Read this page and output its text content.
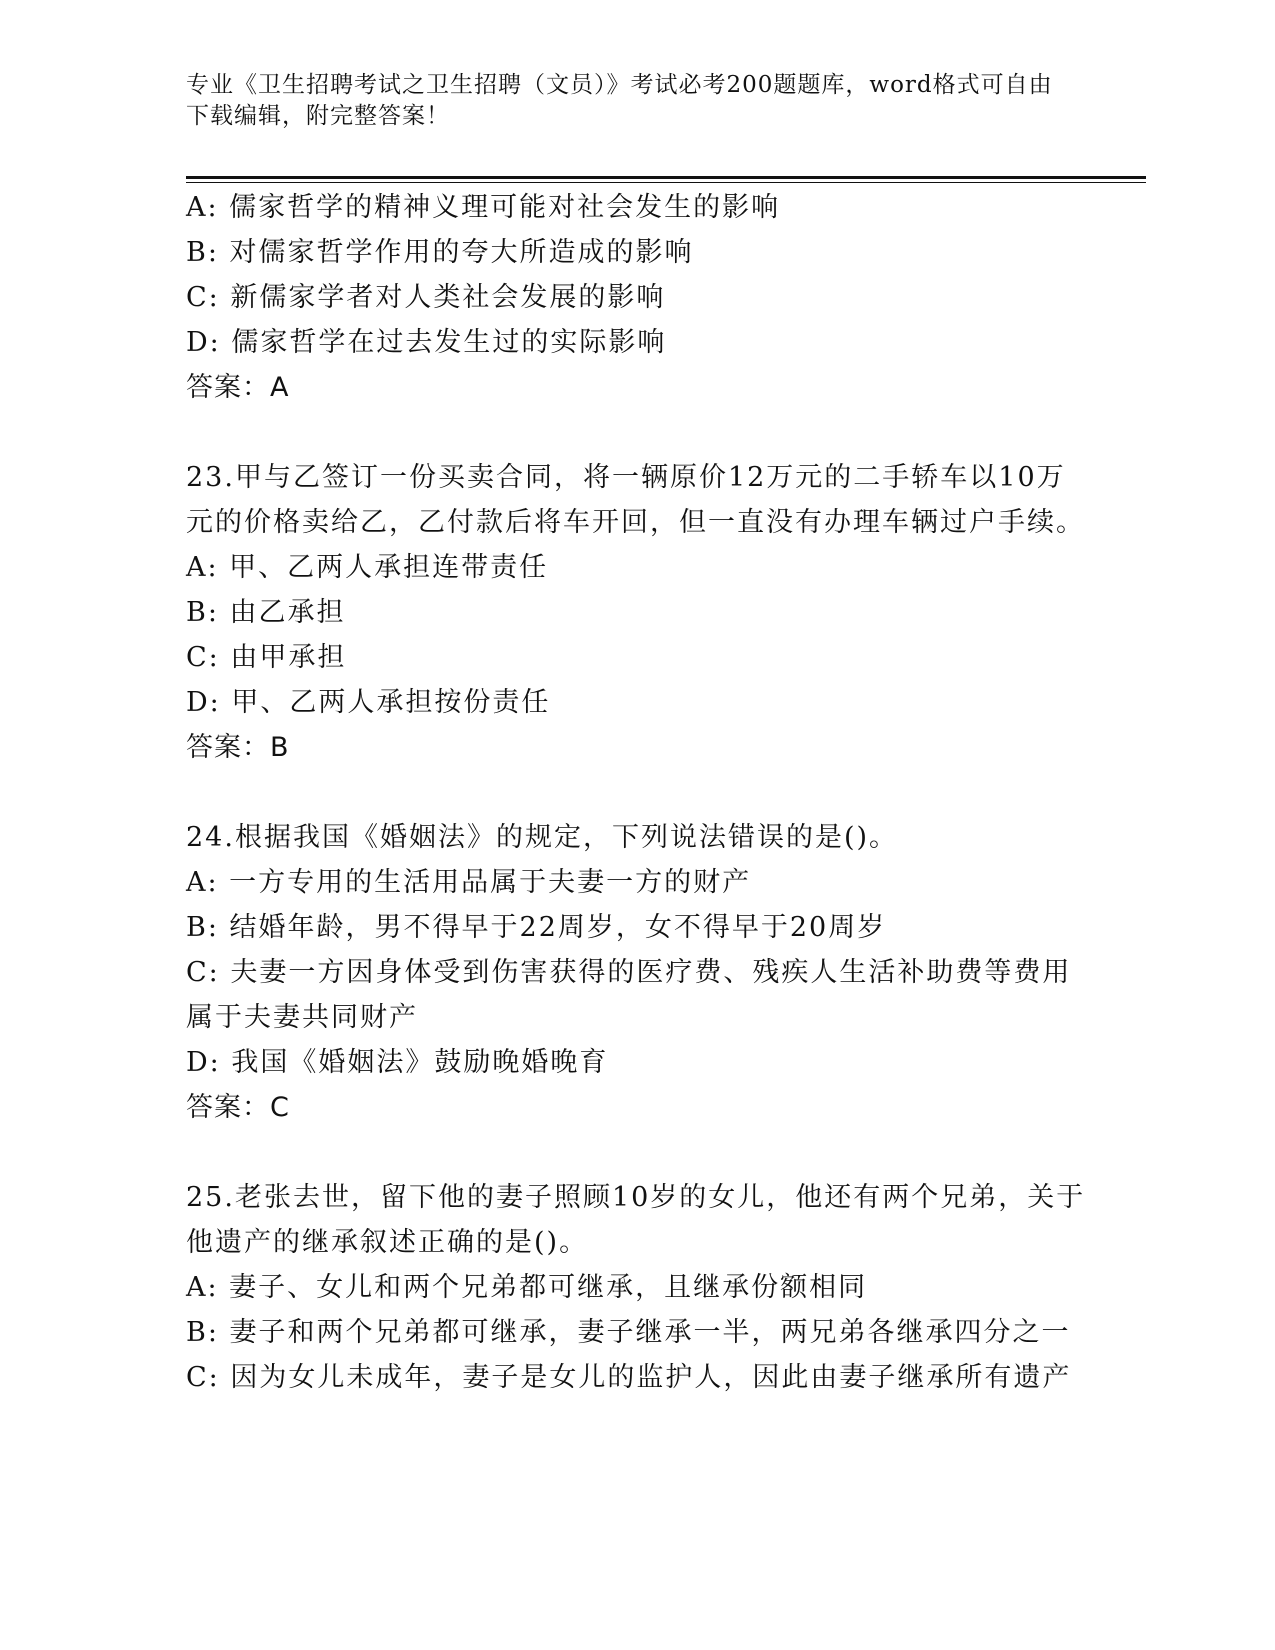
专业《卫生招聘考试之卫生招聘（文员）》考试必考200题题库，word格式可自由下载编辑，附完整答案！
A: 儒家哲学的精神义理可能对社会发生的影响
B: 对儒家哲学作用的夸大所造成的影响
C: 新儒家学者对人类社会发展的影响
D: 儒家哲学在过去发生过的实际影响
答案：A
23.甲与乙签订一份买卖合同，将一辆原价12万元的二手轿车以10万元的价格卖给乙，乙付款后将车开回，但一直没有办理车辆过户手续。
A: 甲、乙两人承担连带责任
B: 由乙承担
C: 由甲承担
D: 甲、乙两人承担按份责任
答案：B
24.根据我国《婚姻法》的规定，下列说法错误的是()。
A: 一方专用的生活用品属于夫妻一方的财产
B: 结婚年龄，男不得早于22周岁，女不得早于20周岁
C: 夫妻一方因身体受到伤害获得的医疗费、残疾人生活补助费等费用属于夫妻共同财产
D: 我国《婚姻法》鼓励晚婚晚育
答案：C
25.老张去世，留下他的妻子照顾10岁的女儿，他还有两个兄弟，关于他遗产的继承叙述正确的是()。
A: 妻子、女儿和两个兄弟都可继承，且继承份额相同
B: 妻子和两个兄弟都可继承，妻子继承一半，两兄弟各继承四分之一
C: 因为女儿未成年，妻子是女儿的监护人，因此由妻子继承所有遗产
